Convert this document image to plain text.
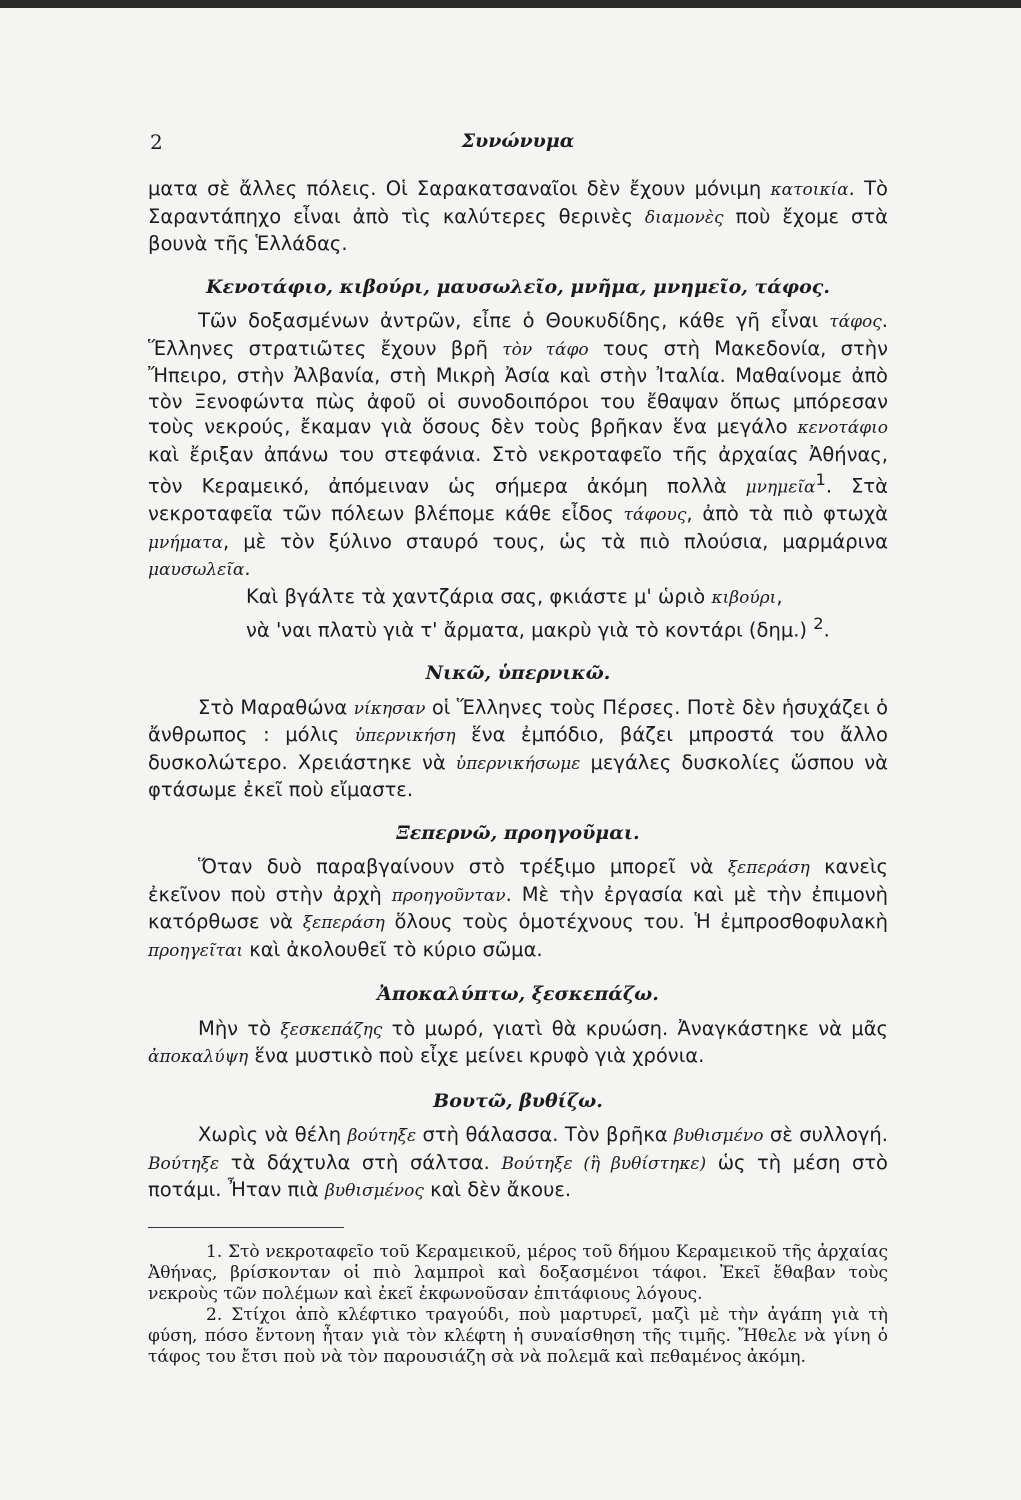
2	Συνώνυμα

ματα σὲ ἄλλες πόλεις. Οἱ Σαρακατσαναῖοι δὲν ἔχουν μόνιμη κατοικία. Τὸ Σαραντάπηχο εἶναι ἀπὸ τὶς καλύτερες θερινὲς διαμονὲς ποὺ ἔχομε στὰ βουνὰ τῆς Ἑλλάδας.

Κενοτάφιο, κιβούρι, μαυσωλεῖο, μνῆμα, μνημεῖο, τάφος.

Τῶν δοξασμένων ἀντρῶν, εἶπε ὁ Θουκυδίδης, κάθε γῆ εἶναι τάφος. Ἕλληνες στρατιῶτες ἔχουν βρῆ τὸν τάφο τους στὴ Μακεδονία, στὴν Ἤπειρο, στὴν Ἀλβανία, στὴ Μικρὴ Ἀσία καὶ στὴν Ἰταλία. Μαθαίνομε ἀπὸ τὸν Ξενοφώντα πὼς ἀφοῦ οἱ συνοδοιπόροι του ἔθαψαν ὅπως μπόρεσαν τοὺς νεκρούς, ἔκαμαν γιὰ ὅσους δὲν τοὺς βρῆκαν ἕνα μεγάλο κενοτάφιο καὶ ἔριξαν ἀπάνω του στεφάνια. Στὸ νεκροταφεῖο τῆς ἀρχαίας Ἀθήνας, τὸν Κεραμεικό, ἀπόμειναν ὡς σήμερα ἀκόμη πολλὰ μνημεῖα$^1$. Στὰ νεκροταφεῖα τῶν πόλεων βλέπομε κάθε εἶδος τάφους, ἀπὸ τὰ πιὸ φτωχὰ μνήματα, μὲ τὸν ξύλινο σταυρό τους, ὡς τὰ πιὸ πλούσια, μαρμάρινα μαυσωλεῖα.

Καὶ βγάλτε τὰ χαντζάρια σας, φκιάστε μ' ὡριὸ κιβούρι,

νὰ 'ναι πλατὺ γιὰ τ' ἄρματα, μακρὺ γιὰ τὸ κοντάρι (δημ.) $^2$.

Νικῶ, ὑπερνικῶ.

Στὸ Μαραθώνα νίκησαν οἱ Ἕλληνες τοὺς Πέρσες. Ποτὲ δὲν ἡσυχάζει ὁ ἄνθρωπος : μόλις ὑπερνικήση ἕνα ἐμπόδιο, βάζει μπροστά του ἄλλο δυσκολώτερο. Χρειάστηκε νὰ ὑπερνικήσωμε μεγάλες δυσκολίες ὥσπου νὰ φτάσωμε ἐκεῖ ποὺ εἴμαστε.

Ξεπερνῶ, προηγοῦμαι.

Ὅταν δυὸ παραβγαίνουν στὸ τρέξιμο μπορεῖ νὰ ξεπεράση κανεὶς ἐκεῖνον ποὺ στὴν ἀρχὴ προηγοῦνταν. Μὲ τὴν ἐργασία καὶ μὲ τὴν ἐπιμονὴ κατόρθωσε νὰ ξεπεράση ὅλους τοὺς ὁμοτέχνους του. Ἡ ἐμπροσθοφυλακὴ προηγεῖται καὶ ἀκολουθεῖ τὸ κύριο σῶμα.

Ἀποκαλύπτω, ξεσκεπάζω.

Μὴν τὸ ξεσκεπάζης τὸ μωρό, γιατὶ θὰ κρυώση. Ἀναγκάστηκε νὰ μᾶς ἀποκαλύψη ἕνα μυστικὸ ποὺ εἶχε μείνει κρυφὸ γιὰ χρόνια.

Βουτῶ, βυθίζω.

Χωρὶς νὰ θέλη βούτηξε στὴ θάλασσα. Τὸν βρῆκα βυθισμένο σὲ συλλογή. Βούτηξε τὰ δάχτυλα στὴ σάλτσα. Βούτηξε (ἢ βυθίστηκε) ὡς τὴ μέση στὸ ποτάμι. Ἦταν πιὰ βυθισμένος καὶ δὲν ἄκουε.

1. Στὸ νεκροταφεῖο τοῦ Κεραμεικοῦ, μέρος τοῦ δήμου Κεραμεικοῦ τῆς ἀρχαίας Ἀθήνας, βρίσκονταν οἱ πιὸ λαμπροὶ καὶ δοξασμένοι τάφοι. Ἐκεῖ ἔθαβαν τοὺς νεκροὺς τῶν πολέμων καὶ ἐκεῖ ἐκφωνοῦσαν ἐπιτάφιους λόγους.

2. Στίχοι ἀπὸ κλέφτικο τραγούδι, ποὺ μαρτυρεῖ, μαζὶ μὲ τὴν ἀγάπη γιὰ τὴ φύση, πόσο ἔντονη ἦταν γιὰ τὸν κλέφτη ἡ συναίσθηση τῆς τιμῆς. Ἤθελε νὰ γίνη ὁ τάφος του ἔτσι ποὺ νὰ τὸν παρουσιάζη σὰ νὰ πολεμᾶ καὶ πεθαμένος ἀκόμη.
